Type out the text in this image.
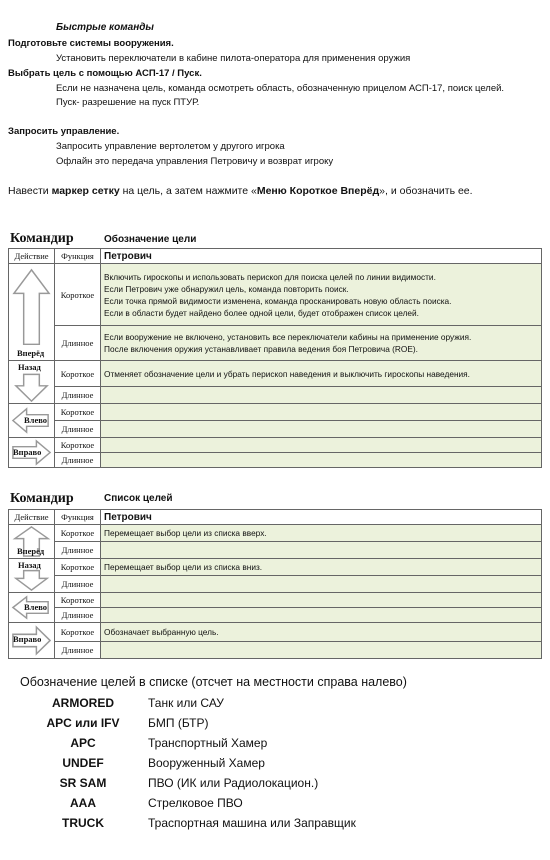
Быстрые команды
Подготовьте системы вооружения.
Установить переключатели в кабине пилота-оператора для применения оружия
Выбрать цель с помощью АСП-17 / Пуск.
Если не назначена цель, команда осмотреть область, обозначенную прицелом АСП-17, поиск целей.
Пуск- разрешение на пуск ПТУР.
Запросить управление.
Запросить управление вертолетом у другого игрока
Офлайн это передача управления Петровичу и возврат игроку
Навести маркер сетку на цель, а затем нажмите «Меню Короткое Вперёд», и обозначить ее.
Командир	Обозначение цели
Действие	Функция	Петрович

Вперёд	Короткое	Включить гироскопы и использовать перископ для поиска целей по линии видимости.
Если Петрович уже обнаружил цель, команда повторить поиск.
Если точка прямой видимости изменена, команда просканировать новую область поиска.
Если в области будет найдено более одной цели, будет отображен список целей.

	Длинное	Если вооружение не включено, установить все переключатели кабины на применение оружия.
После включения оружия устанавливает правила ведения боя Петровича (ROE).

Назад	Короткое	Отменяет обозначение цели и убрать перископ наведения и выключить гироскопы наведения.
	Длинное	

Влево	Короткое	
	Длинное	

Вправо	Короткое	
	Длинное	
Командир	Список целей
Действие	Функция	Петрович

Вперёд	Короткое	Перемещает выбор цели из списка вверх.
	Длинное	

Назад	Короткое	Перемещает выбор цели из списка вниз.
	Длинное	

Влево	Короткое	
	Длинное	

Вправо	Короткое	Обозначает выбранную цель.
	Длинное	
Обозначение целей в списке (отсчет на местности справа налево)
ARMORED	Танк или САУ
APC или IFV	БМП (БТР)
APC	Транспортный Хамер
UNDEF	Вооруженный Хамер
SR SAM	ПВО (ИК или Радиолокацион.)
AAA	Стрелковое ПВО
TRUCK	Траспортная машина или Заправщик
